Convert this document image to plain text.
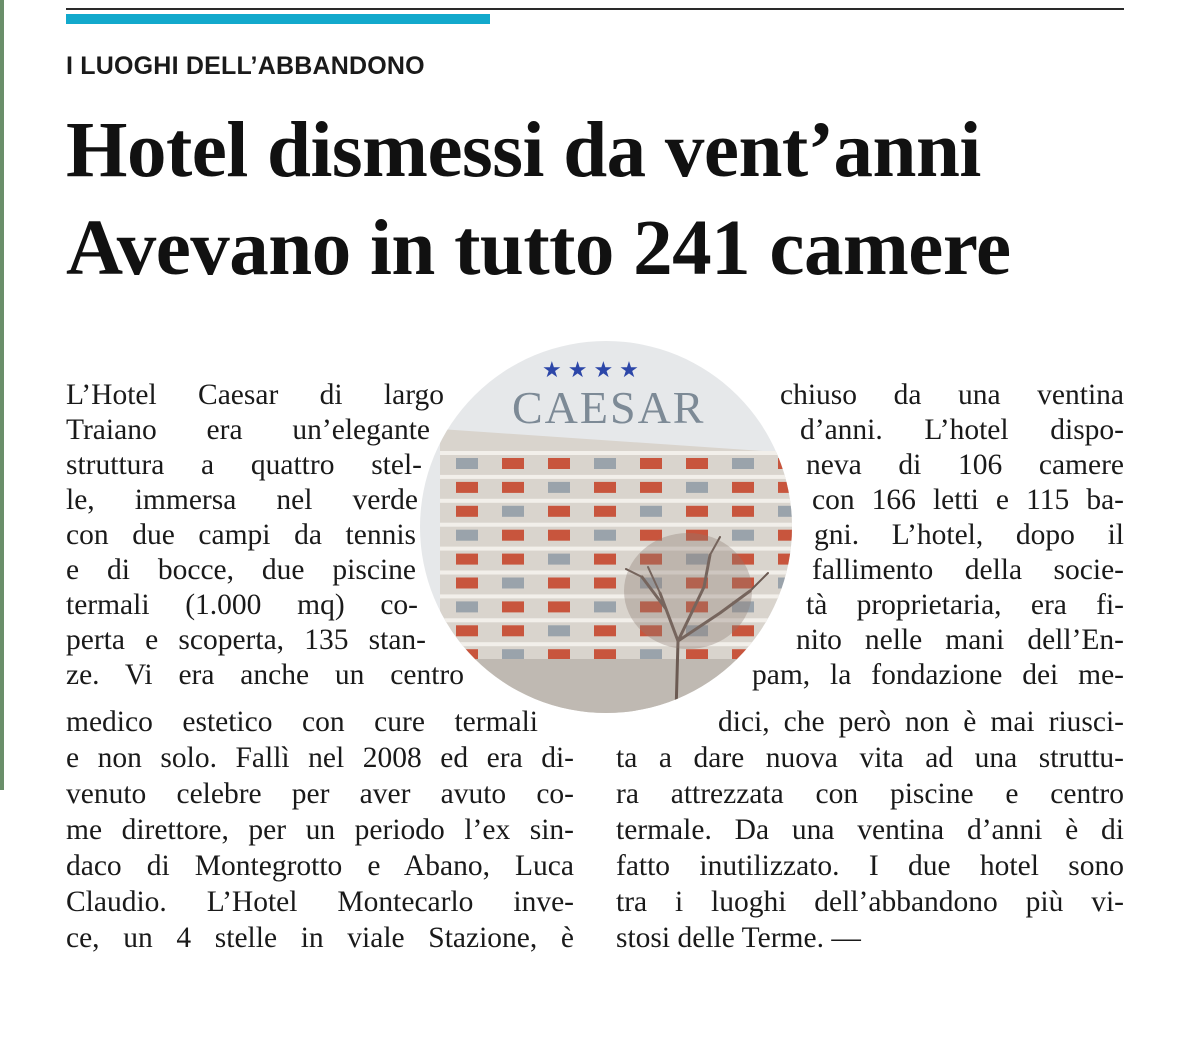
I LUOGHI DELL’ABBANDONO
Hotel dismessi da vent’anni
Avevano in tutto 241 camere
L’Hotel Caesar di largo
Traiano era un’elegante
struttura a quattro stel-
le, immersa nel verde
con due campi da tennis
e di bocce, due piscine
termali (1.000 mq) co-
perta e scoperta, 135 stan-
ze. Vi era anche un centro
medico estetico con cure termali
e non solo. Fallì nel 2008 ed era di-
venuto celebre per aver avuto co-
me direttore, per un periodo l’ex sin-
daco di Montegrotto e Abano, Luca
Claudio. L’Hotel Montecarlo inve-
ce, un 4 stelle in viale Stazione, è
chiuso da una ventina
d’anni. L’hotel dispo-
neva di 106 camere
con 166 letti e 115 ba-
gni. L’hotel, dopo il
fallimento della socie-
tà proprietaria, era fi-
nito nelle mani dell’En-
pam, la fondazione dei me-
dici, che però non è mai riusci-
ta a dare nuova vita ad una struttu-
ra attrezzata con piscine e centro
termale. Da una ventina d’anni è di
fatto inutilizzato. I due hotel sono
tra i luoghi dell’abbandono più vi-
stosi delle Terme. —
CAESAR
★★★★
